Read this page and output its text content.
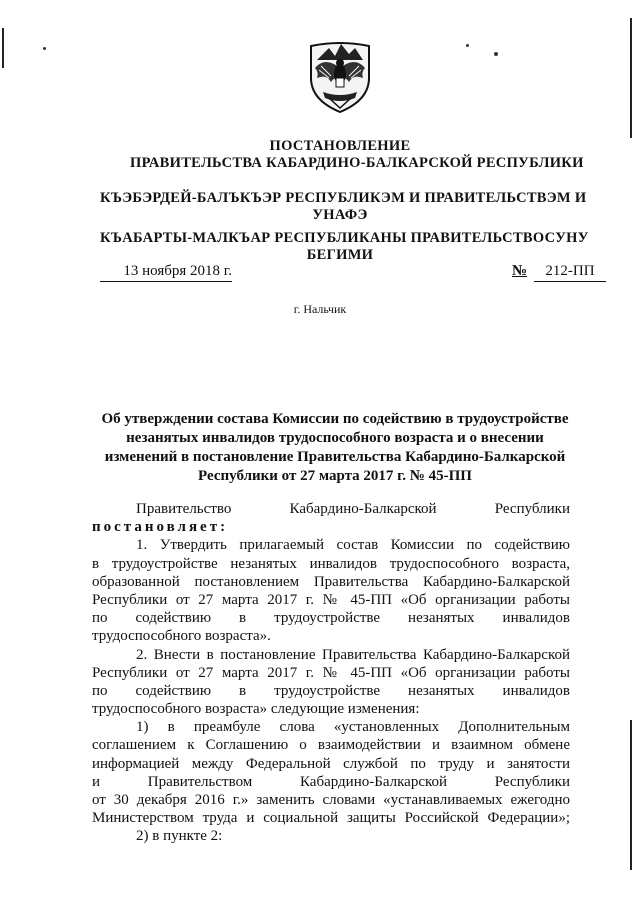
ПОСТАНОВЛЕНИЕ
ПРАВИТЕЛЬСТВА КАБАРДИНО-БАЛКАРСКОЙ РЕСПУБЛИКИ
КЪЭБЭРДЕЙ-БАЛЪКЪЭР РЕСПУБЛИКЭМ И ПРАВИТЕЛЬСТВЭМ И
УНАФЭ
КЪАБАРТЫ-МАЛКЪАР РЕСПУБЛИКАНЫ ПРАВИТЕЛЬСТВОСУНУ
БЕГИМИ
13 ноября 2018 г.	№	212-ПП
г. Нальчик
Об утверждении состава Комиссии по содействию в трудоустройстве
незанятых инвалидов трудоспособного возраста и о внесении
изменений в постановление Правительства Кабардино-Балкарской
Республики от 27 марта 2017 г. № 45-ПП
Правительство Кабардино-Балкарской Республики
постановляет:
1. Утвердить прилагаемый состав Комиссии по содействию
в трудоустройстве незанятых инвалидов трудоспособного возраста,
образованной постановлением Правительства Кабардино-Балкарской
Республики от 27 марта 2017 г. № 45-ПП «Об организации работы
по содействию в трудоустройстве незанятых инвалидов
трудоспособного возраста».
2. Внести в постановление Правительства Кабардино-Балкарской
Республики от 27 марта 2017 г. № 45-ПП «Об организации работы
по содействию в трудоустройстве незанятых инвалидов
трудоспособного возраста» следующие изменения:
1) в преамбуле слова «установленных Дополнительным
соглашением к Соглашению о взаимодействии и взаимном обмене
информацией между Федеральной службой по труду и занятости
и Правительством Кабардино-Балкарской Республики
от 30 декабря 2016 г.» заменить словами «устанавливаемых ежегодно
Министерством труда и социальной защиты Российской Федерации»;
2) в пункте 2:
